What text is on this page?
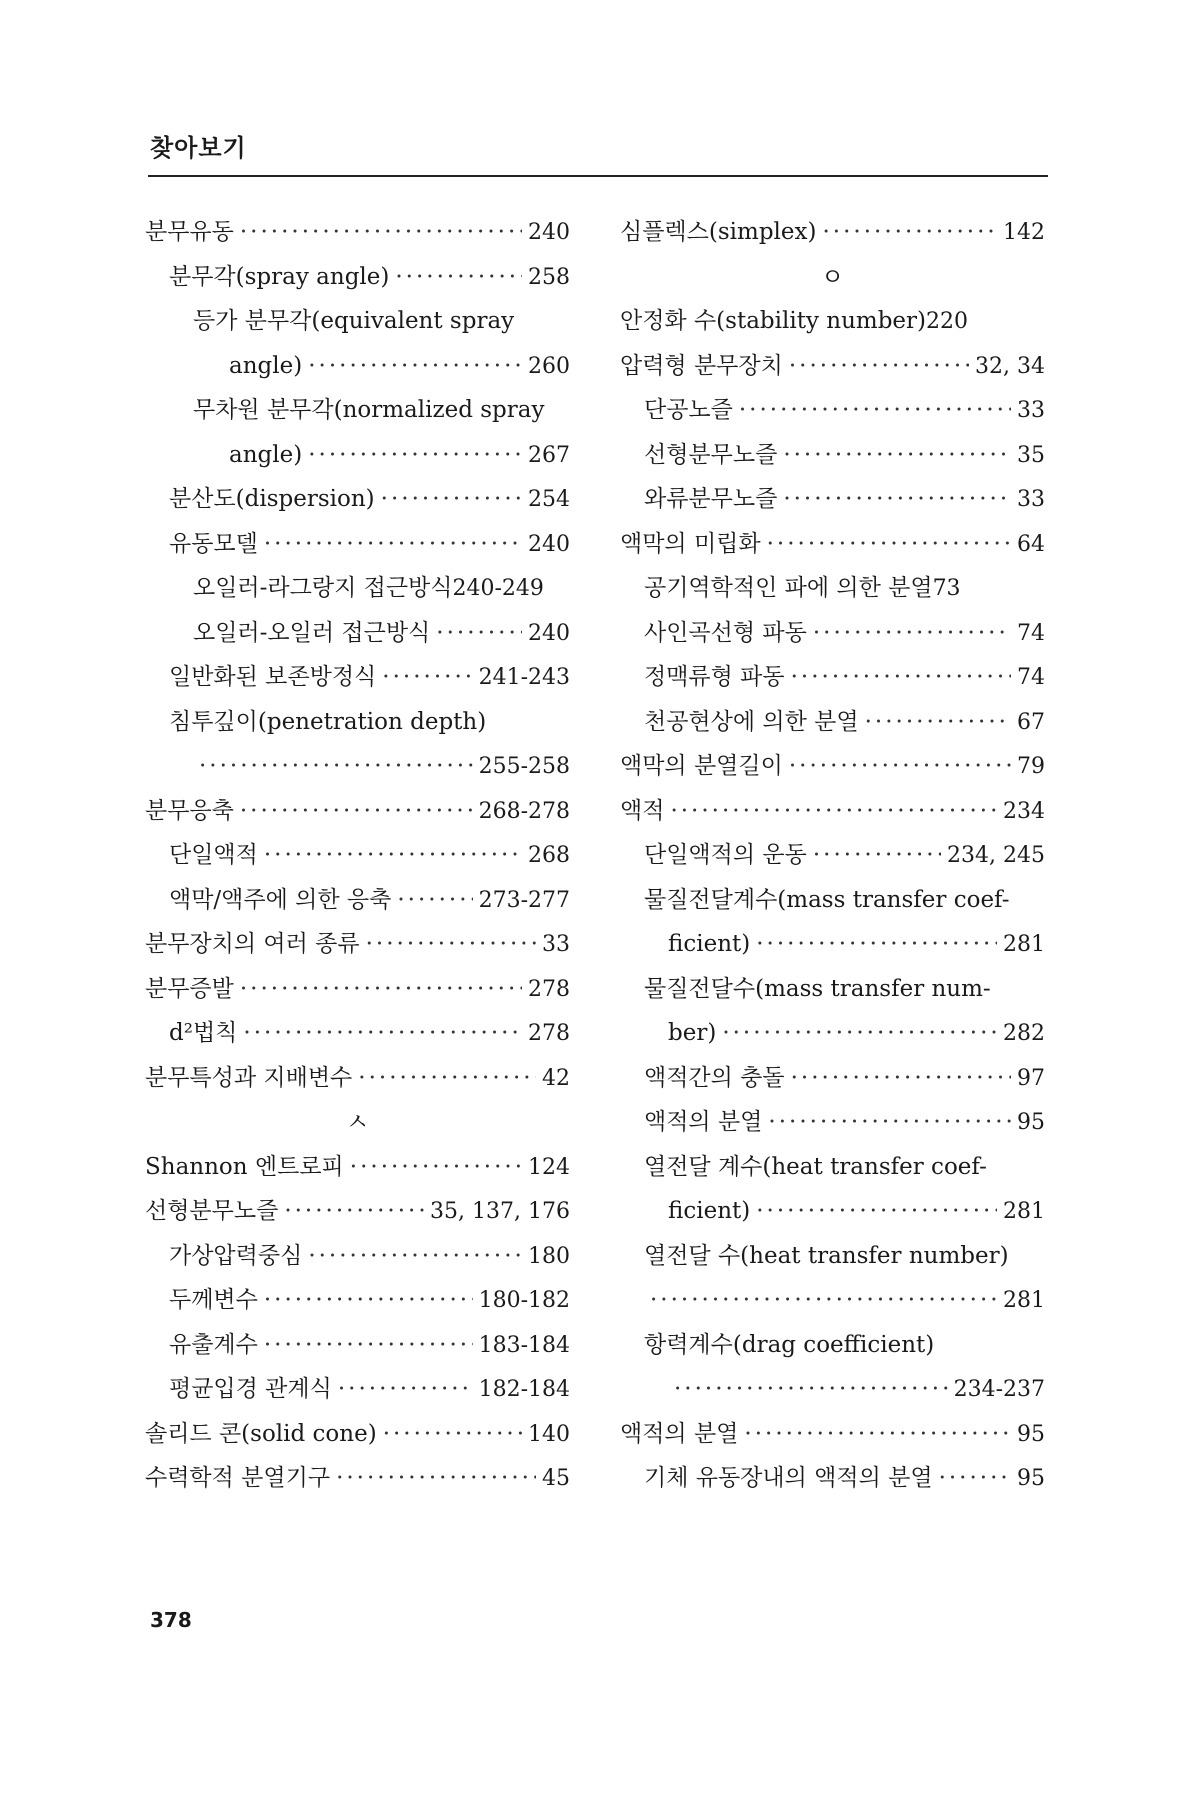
찾아보기
분무유동 ·····	240
분무각(spray angle) ·····	258
등가 분무각(equivalent spray
angle) ·····	260
무차원 분무각(normalized spray
angle) ·····	267
분산도(dispersion) ·····	254
유동모델 ·····	240
오일러-라그랑지 접근방식 240-249
오일러-오일러 접근방식 ·····	240
일반화된 보존방정식 ·····	241-243
침투깊이(penetration depth)
·····
255-258
분무응축 ·····	268-278
단일액적 ·····	268
액막/액주에 의한 응축 ·····	273-277
분무장치의 여러 종류 ·····	33
분무증발 ·····	278
d²법칙 ·····	278
분무특성과 지배변수 ·····	42
ㅅ
Shannon 엔트로피 ·····	124
선형분무노즐 ·····	35, 137, 176
가상압력중심 ·····	180
두께변수 ·····	180-182
유출계수 ·····	183-184
평균입경 관계식 ·····	182-184
솔리드 콘(solid cone) ·····	140
수력학적 분열기구 ·····	45
심플렉스(simplex) ·····	142
ㅇ
안정화 수(stability number) 220
압력형 분무장치 ·····	32, 34
단공노즐 ·····	33
선형분무노즐 ·····	35
와류분무노즐 ·····	33
액막의 미립화 ·····	64
공기역학적인 파에 의한 분열 73
사인곡선형 파동 ·····	74
정맥류형 파동 ·····	74
천공현상에 의한 분열 ·····	67
액막의 분열길이 ·····	79
액적 ·····	234
단일액적의 운동 ·····	234, 245
물질전달계수(mass transfer coef-
ficient) ·····	281
물질전달수(mass transfer num-
ber) ·····	282
액적간의 충돌 ·····	97
액적의 분열 ·····	95
열전달 계수(heat transfer coef-
ficient) ·····	281
열전달 수(heat transfer number)
·····
281
항력계수(drag coefficient)
·····
234-237
액적의 분열 ·····	95
기체 유동장내의 액적의 분열 ·····	95
378
